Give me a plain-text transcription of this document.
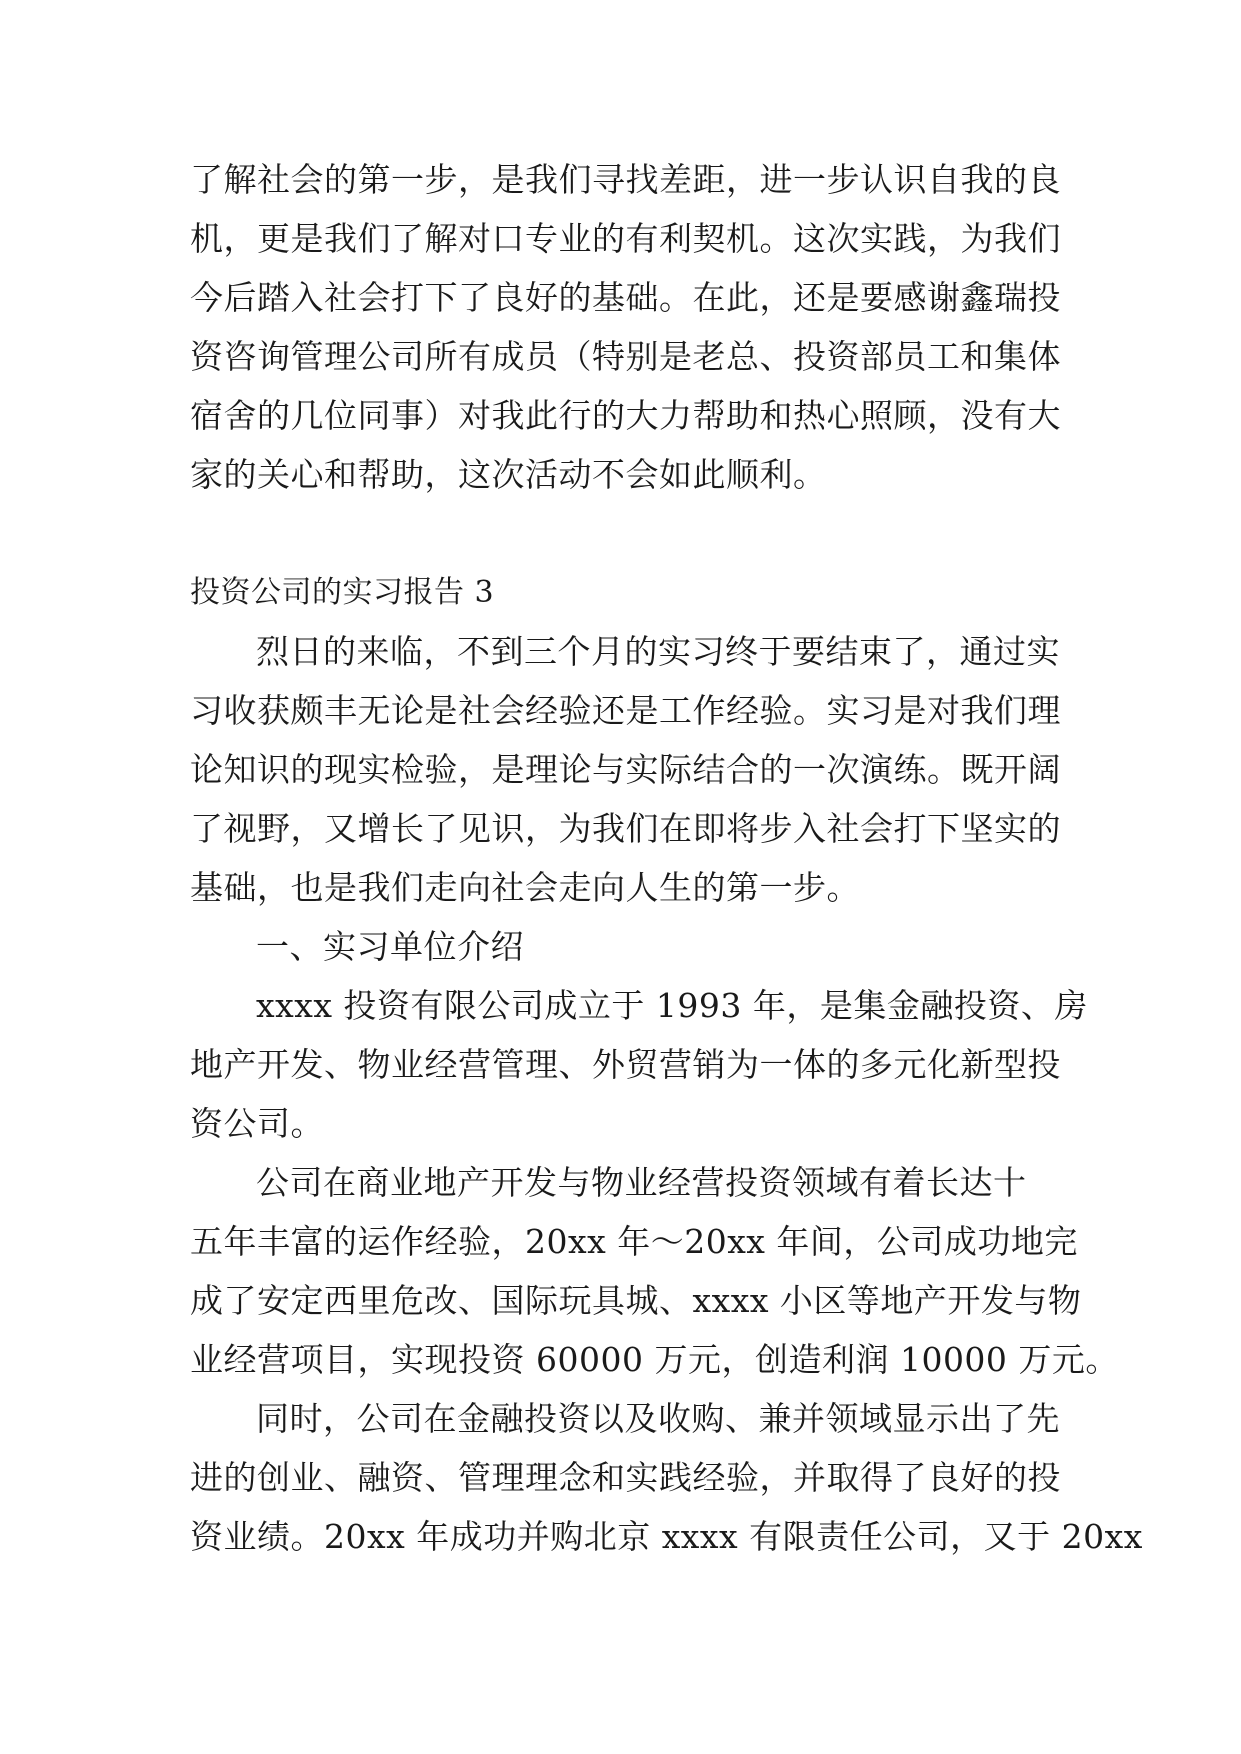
了解社会的第一步，是我们寻找差距，进一步认识自我的良
机，更是我们了解对口专业的有利契机。这次实践，为我们
今后踏入社会打下了良好的基础。在此，还是要感谢鑫瑞投
资咨询管理公司所有成员（特别是老总、投资部员工和集体
宿舍的几位同事）对我此行的大力帮助和热心照顾，没有大
家的关心和帮助，这次活动不会如此顺利。
投资公司的实习报告 3
烈日的来临，不到三个月的实习终于要结束了，通过实
习收获颇丰无论是社会经验还是工作经验。实习是对我们理
论知识的现实检验，是理论与实际结合的一次演练。既开阔
了视野，又增长了见识，为我们在即将步入社会打下坚实的
基础，也是我们走向社会走向人生的第一步。
一、实习单位介绍
xxxx 投资有限公司成立于 1993 年，是集金融投资、房
地产开发、物业经营管理、外贸营销为一体的多元化新型投
资公司。
公司在商业地产开发与物业经营投资领域有着长达十
五年丰富的运作经验，20xx 年～20xx 年间，公司成功地完
成了安定西里危改、国际玩具城、xxxx 小区等地产开发与物
业经营项目，实现投资 60000 万元，创造利润 10000 万元。
同时，公司在金融投资以及收购、兼并领域显示出了先
进的创业、融资、管理理念和实践经验，并取得了良好的投
资业绩。20xx 年成功并购北京 xxxx 有限责任公司，又于 20xx
